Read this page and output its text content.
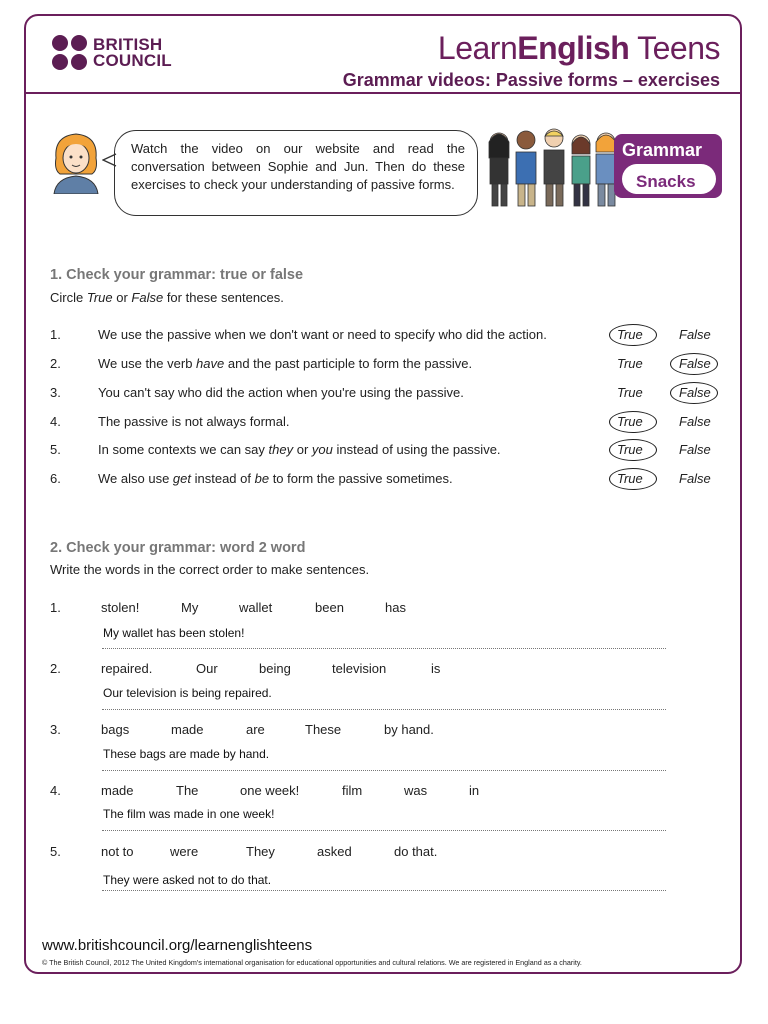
BRITISH
COUNCIL	LearnEnglish Teens
Grammar videos: Passive forms – exercises
Watch the video on our website and read the conversation between Sophie and Jun. Then do these exercises to check your understanding of passive forms.
Grammar
Snacks
1. Check your grammar: true or false
Circle True or False for these sentences.
1.	We use the passive when we don't want or need to specify who did the action.	True	False
2.	We use the verb have and the past participle to form the passive.	True	False
3.	You can't say who did the action when you're using the passive.	True	False
4.	The passive is not always formal.	True	False
5.	In some contexts we can say they or you instead of using the passive.	True	False
6.	We also use get instead of be to form the passive sometimes.	True	False
2. Check your grammar: word 2 word
Write the words in the correct order to make sentences.
1.	stolen!	My	wallet	been	has
My wallet has been stolen!
2.	repaired.	Our	being	television	is
Our television is being repaired.
3.	bags	made	are	These	by hand.
These bags are made by hand.
4.	made	The	one week!	film	was	in
The film was made in one week!
5.	not to	were	They	asked	do that.
They were asked not to do that.
www.britishcouncil.org/learnenglishteens
© The British Council, 2012 The United Kingdom's international organisation for educational opportunities and cultural relations. We are registered in England as a charity.
